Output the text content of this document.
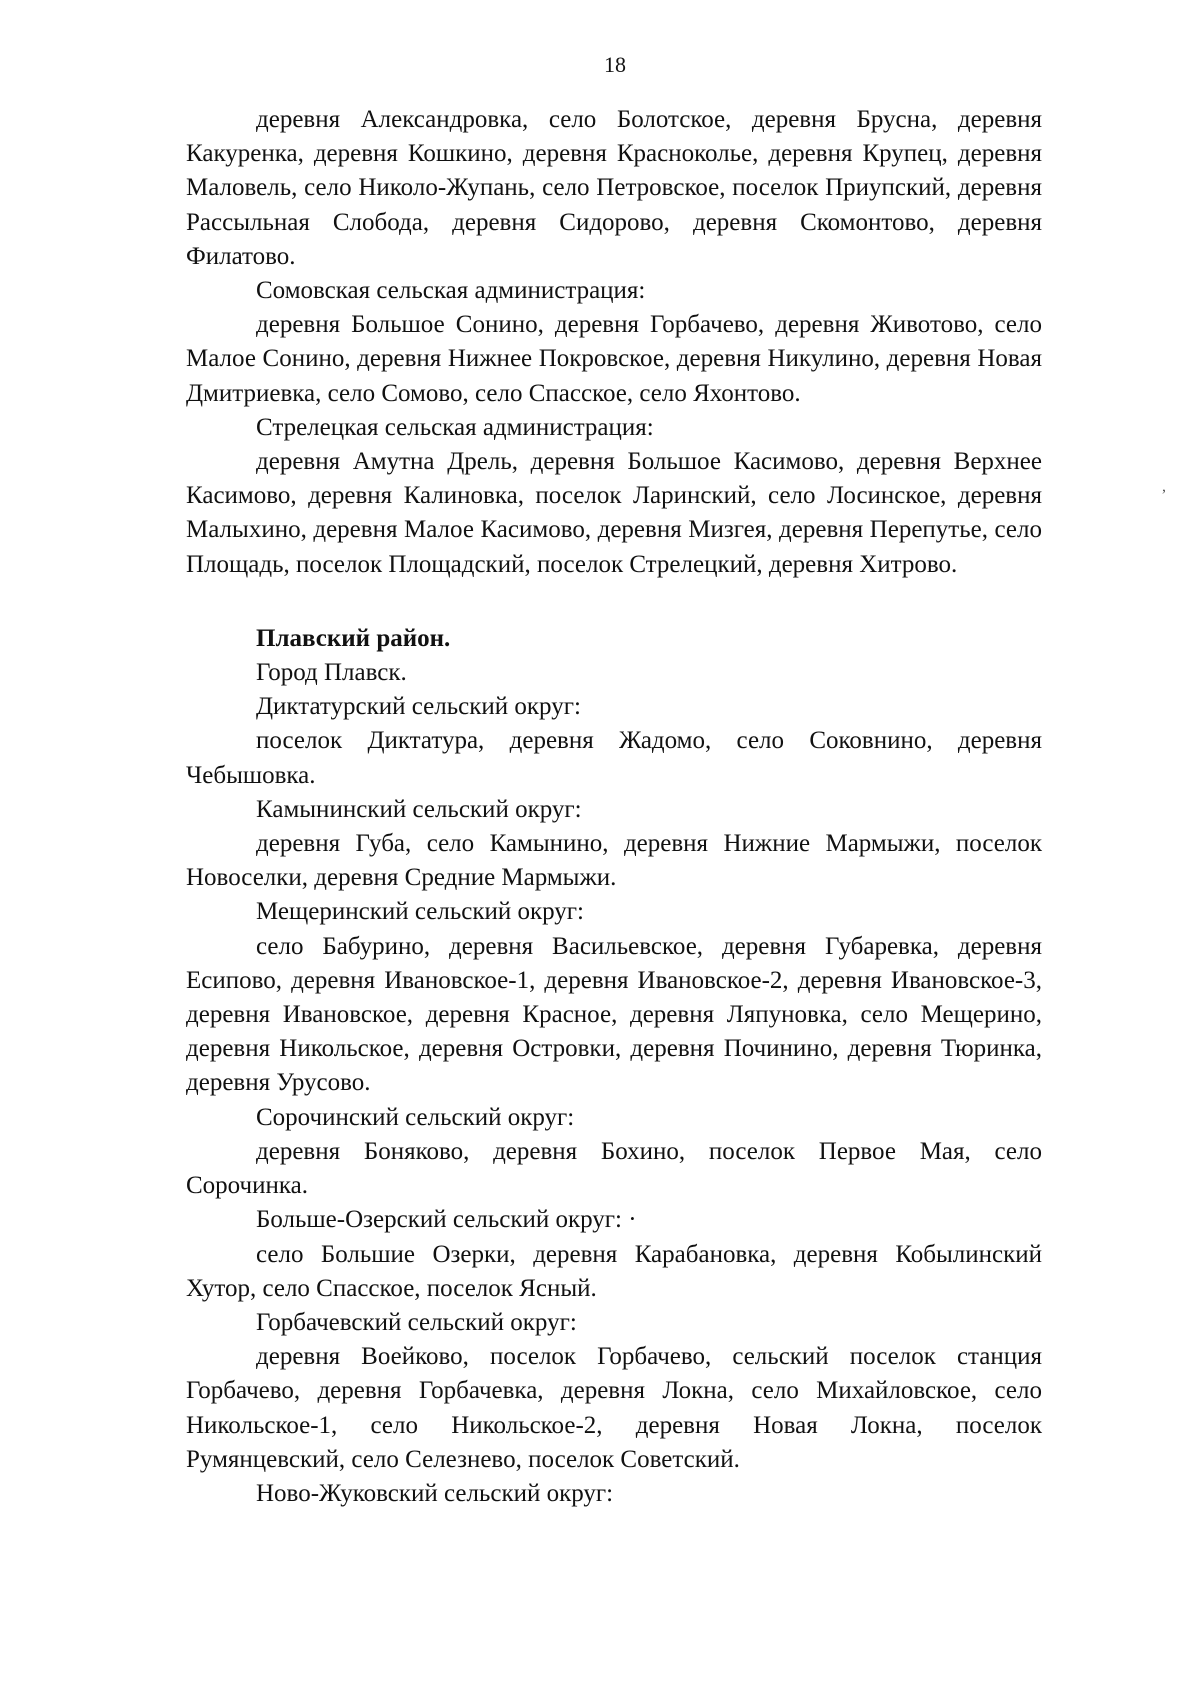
18
,

деревня Александровка, село Болотское, деревня Брусна, деревня Какуренка, деревня Кошкино, деревня Красноколье, деревня Крупец, деревня Маловель, село Николо-Жупань, село Петровское, поселок Приупский, деревня Рассыльная Слобода, деревня Сидорово, деревня Скомонтово, деревня Филатово.

Сомовская сельская администрация:

деревня Большое Сонино, деревня Горбачево, деревня Животово, село Малое Сонино, деревня Нижнее Покровское, деревня Никулино, деревня Новая Дмитриевка, село Сомово, село Спасское, село Яхонтово.

Стрелецкая сельская администрация:

деревня Амутна Дрель, деревня Большое Касимово, деревня Верхнее Касимово, деревня Калиновка, поселок Ларинский, село Лосинское, деревня Малыхино, деревня Малое Касимово, деревня Мизгея, деревня Перепутье, село Площадь, поселок Площадский, поселок Стрелецкий, деревня Хитрово.

Плавский район.

Город Плавск.

Диктатурский сельский округ:

поселок Диктатура, деревня Жадомо, село Соковнино, деревня Чебышовка.

Камынинский сельский округ:

деревня Губа, село Камынино, деревня Нижние Мармыжи, поселок Новоселки, деревня Средние Мармыжи.

Мещеринский сельский округ:

село Бабурино, деревня Васильевское, деревня Губаревка, деревня Есипово, деревня Ивановское-1, деревня Ивановское-2, деревня Ивановское-3, деревня Ивановское, деревня Красное, деревня Ляпуновка, село Мещерино, деревня Никольское, деревня Островки, деревня Починино, деревня Тюринка, деревня Урусово.

Сорочинский сельский округ:

деревня Боняково, деревня Бохино, поселок Первое Мая, село Сорочинка.

Больше-Озерский сельский округ: ·

село Большие Озерки, деревня Карабановка, деревня Кобылинский Хутор, село Спасское, поселок Ясный.

Горбачевский сельский округ:

деревня Воейково, поселок Горбачево, сельский поселок станция Горбачево, деревня Горбачевка, деревня Локна, село Михайловское, село Никольское-1, село Никольское-2, деревня Новая Локна, поселок Румянцевский, село Селезнево, поселок Советский.

Ново-Жуковский сельский округ:
